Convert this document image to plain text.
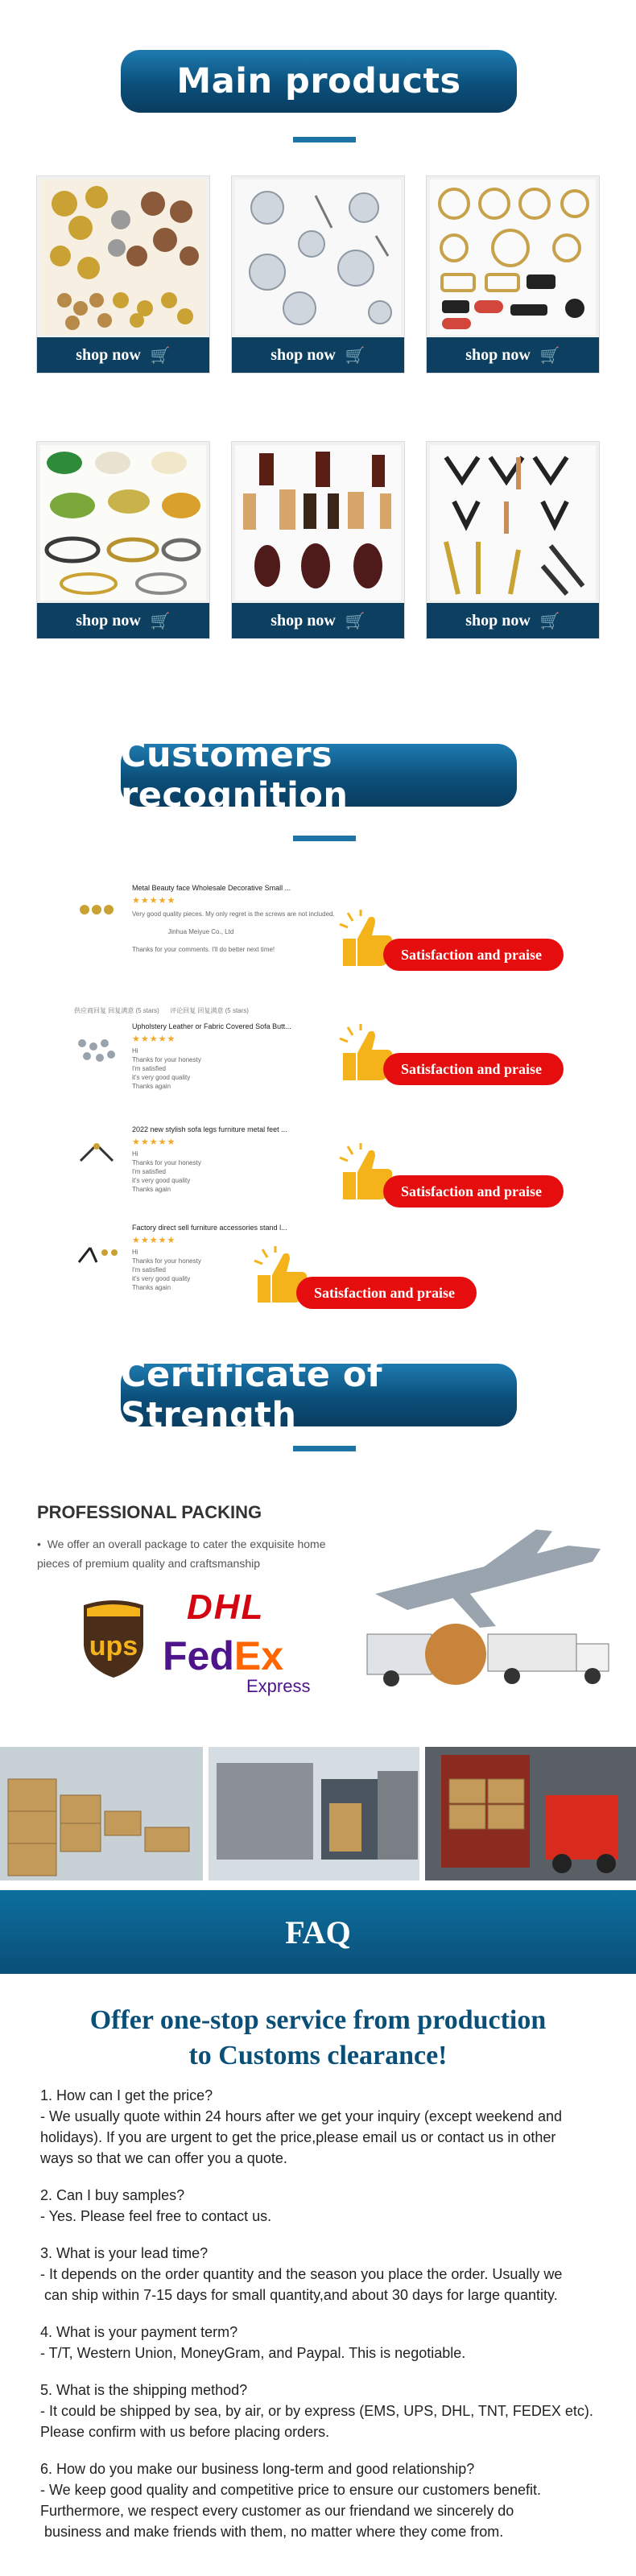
Main products
shop now 🛒	shop now 🛒	shop now 🛒
shop now 🛒	shop now 🛒	shop now 🛒
Customers recognition
Metal Beauty face Wholesale Decorative Small ...
★★★★★
Very good quality pieces. My only regret is the screws are not included.

Jinhua Meiyue Co., Ltd

Thanks for your comments. I'll do better next time!	Satisfaction and praise
供应商回复 回复满意 (5 stars) 评论回复 回复满意 (5 stars)
Upholstery Leather or Fabric Covered Sofa Butt...
★★★★★
Hi
Thanks for your honesty
I'm satisfied
it's very good quality
Thanks again
Satisfaction and praise
2022 new stylish sofa legs furniture metal feet ...
★★★★★
Hi
Thanks for your honesty
I'm satisfied
it's very good quality
Thanks again	Satisfaction and praise
Factory direct sell furniture accessories stand l...
★★★★★
Hi
Thanks for your honesty
I'm satisfied
it's very good quality
Thanks again	Satisfaction and praise
Certificate of Strength
PROFESSIONAL PACKING
•  We offer an overall package to cater the exquisite home
pieces of premium quality and craftsmanship
ups
DHL
FedEx
Express
FAQ
Offer one-stop service from production
to Customs clearance!

1. How can I get the price?

- We usually quote within 24 hours after we get your inquiry (except weekend and
holidays). If you are urgent to get the price,please email us or contact us in other
ways so that we can offer you a quote.

2. Can I buy samples?

- Yes. Please feel free to contact us.

3. What is your lead time?

- It depends on the order quantity and the season you place the order. Usually we
can ship within 7-15 days for small quantity,and about 30 days for large quantity.

4. What is your payment term?

- T/T, Western Union, MoneyGram, and Paypal. This is negotiable.

5. What is the shipping method?

- It could be shipped by sea, by air, or by express (EMS, UPS, DHL, TNT, FEDEX etc).
Please confirm with us before placing orders.

6. How do you make our business long-term and good relationship?

- We keep good quality and competitive price to ensure our customers benefit.
Furthermore, we respect every customer as our friendand we sincerely do
business and make friends with them, no matter where they come from.
